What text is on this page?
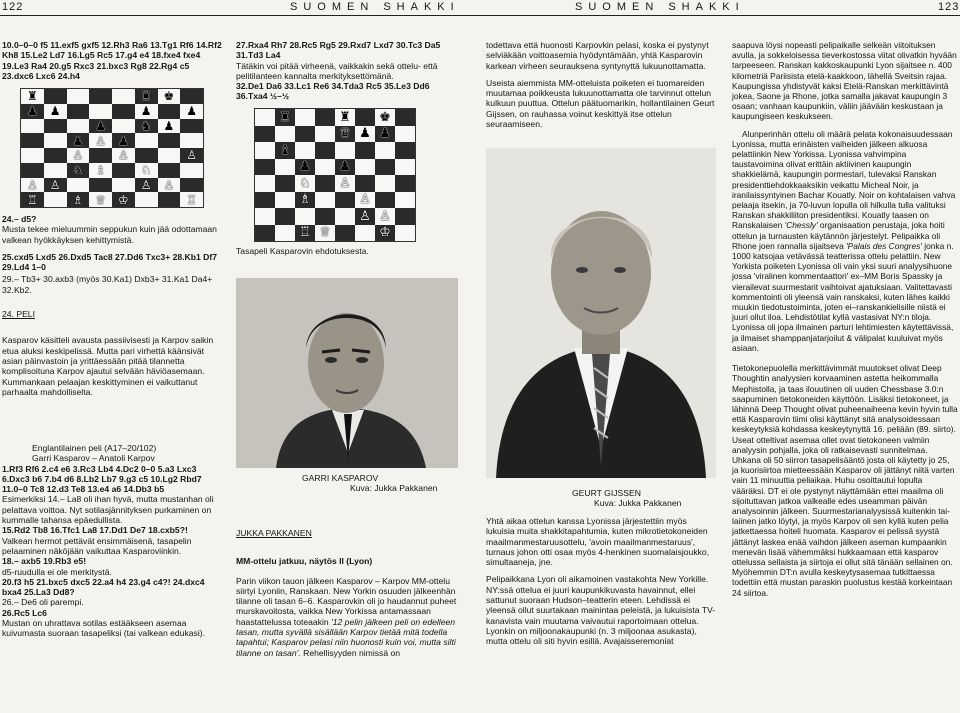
122	SUOMEN SHAKKI	SUOMEN SHAKKI	123

10.0–0–0 f5 11.exf5 gxf5 12.Rh3 Ra6 13.Tg1 Rf6 14.Rf2 Kh8 15.Le2 Ld7 16.Lg5 Rc5 17.g4 e4 18.fxe4 fxe4 19.Le3 Ra4 20.g5 Rxc3 21.bxc3 Rg8 22.Rg4 c5 23.dxc6 Lxc6 24.h4

♜	♜ ♚
♟ ♟	♟	♟
♟	♞ ♟
♟ ♙ ♟
♙	♙	♙
♘ ♗	♘
♙ ♙	♙ ♙
♖	♗ ♕ ♔	♖

24.– d5?

Musta tekee mieluummin seppukun kuin jää odottamaan valkean hyökkäyksen kehittymistä.

25.cxd5 Lxd5 26.Dxd5 Tac8 27.Dd6 Txc3+ 28.Kb1 Df7 29.Ld4 1–0

29.– Tb3+ 30.axb3 (myös 30.Ka1) Dxb3+ 31.Ka1 Da4+ 32.Kb2.

24. PELI

Kasparov käsitteli avausta passiivisesti ja Karpov saikin etua aluksi keskipelissä. Mutta pari virhettä käänsivät asian päinvastoin ja yrittäessään pitää tilannetta komplisoituna Karpov ajautui selvään häviöasemaan. Kummankaan pelaajan keskittyminen ei vaikuttanut parhaalta mahdolliselta.

Englantilainen peli (A17–20/102)

Garri Kasparov – Anatoli Karpov

1.Rf3 Rf6 2.c4 e6 3.Rc3 Lb4 4.Dc2 0–0 5.a3 Lxc3 6.Dxc3 b6 7.b4 d6 8.Lb2 Lb7 9.g3 c5 10.Lg2 Rbd7 11.0–0 Tc8 12.d3 Te8 13.e4 a6 14.Db3 b5

Esimerkiksi 14.– La8 oli ihan hyvä, mutta mustanhan oli pelattava voittoa. Nyt sotilasjännityksen purkaminen on kummalle tahansa epäedullista.

15.Rd2 Tb8 16.Tfc1 La8 17.Dd1 De7 18.cxb5?!

Valkean hermot pettävät ensimmäisenä, tasapelin pelaaminen näköjään vaikuttaa Kasparoviinkin.

18.– axb5 19.Rb3 e5!

d5-ruudulla ei ole merkitystä.

20.f3 h5 21.bxc5 dxc5 22.a4 h4 23.g4 c4?! 24.dxc4 bxa4 25.La3 Dd8?

26.– De6 oli parempi.

26.Rc5 Lc6

Mustan on uhrattava sotilas estääkseen asemaa kuivumasta suoraan tasapeliksi (tai valkean edukasi).

27.Rxa4 Rh7 28.Rc5 Rg5 29.Rxd7 Lxd7 30.Tc3 Da5 31.Td3 La4

Tätäkin voi pitää virheenä, vaikkakin sekä ottelu- että pelitilanteen kannalta merkityksettömänä.

32.De1 Da6 33.Lc1 Re6 34.Tda3 Rc5 35.Le3 Dd6 36.Txa4 ½–½

♜	♜ ♚
♛ ♟ ♟
♝
♟ ♟
♘ ♙
♗	♙
♙ ♙
♖ ♕	♔
Tasapeli Kasparovin ehdotuksesta.
GARRI KASPAROV
Kuva: Jukka Pakkanen

JUKKA PAKKANEN

MM-ottelu jatkuu, näytös II (Lyon)

Parin viikon tauon jälkeen Kasparov – Karpov MM-ottelu siirtyi Lyoniin, Ranskaan. New Yorkin osuuden jälkeenhän tilanne oli tasan 6–6. Kasparovkin oli jo haudannut puheet murskavoitosta, vaikka New Yorkissa antamassaan haastattelussa toteaakin '12 pelin jälkeen peli on edelleen tasan, mutta syvällä sisällään Karpov tietää mitä todella tapahtui; Kasparov pelasi niin huonosti kuin voi, mutta silti tilanne on tasan'. Rehellisyyden nimissä on

todettava että huonosti Karpovkin pelasi, koska ei pystynyt selviäkään voittoasemia hyödyntämään, yhtä Kasparovin karkean virheen seurauksena syntynyttä lukuunottamatta.

Useista aiemmista MM-otteluista poiketen ei tuomareiden muutamaa poikkeusta lukuunottamatta ole tarvinnut ottelun kulkuun puuttua. Ottelun päätuomarikin, hollantilainen Geurt Gijssen, on rauhassa voinut keskittyä itse ottelun seuraamiseen.

GEURT GIJSSEN
Kuva: Jukka Pakkanen

Yhtä aikaa ottelun kanssa Lyonissa järjestettiin myös lukuisia muita shakkitapahtumia, kuten mikrotietokoneiden maailmanmestaruusottelu, 'avoin maailmanmestaruus', turnaus johon otti osaa myös 4-henkinen suomalaisjoukko, simultaaneja, jne.

Pelipaikkana Lyon oli aikamoinen vastakohta New Yorkille. NY:ssä ottelua ei juuri kaupunkikuvasta havainnut, ellei sattunut suoraan Hudson–teatterin eteen. Lehdissä ei yleensä ollut suurtakaan mainintaa peleistä, ja lukuisista TV-kanavista vain muutama vaivautui raportoimaan ottelua. Lyonkin on miljoonakaupunki (n. 3 miljoonaa asukasta), mutta ottelu oli siti hyvin esillä. Avajaisseremoniat

saapuva löysi nopeasti pelipaikalle selkeän viitoituksen avulla, ja sokkeloisessa tieverkostossa viitat olivatkin hyvään tarpeeseen. Ranskan kakkoskaupunki Lyon sijaitsee n. 400 kilometriä Pariisista etelä-kaakkoon, lähellä Sveitsin rajaa. Kaupungissa yhdistyvät kaksi Etelä-Ranskan merkittävintä jokea, Saone ja Rhone, jotka samalla jakavat kaupungin 3 osaan; vanhaan kaupunkiin, väliin jäävään keskustaan ja kaupungiseen keskukseen.

Alunperinhän ottelu oli määrä pelata kokonaisuudessaan Lyonissa, mutta erinäisten vaiheiden jälkeen alkuosa pelattiinkin New Yorkissa. Lyonissa vahvimpina taustavoimina olivat erittäin aktiivinen kaupungin shakkielämä, kaupungin pormestari, tulevaksi Ranskan presidenttiehdokkaaksikin veikattu Micheal Noir, ja iranilaissyntyinen Bachar Kouatly. Noir on kohtalaisen vahva pelaaja itsekin, ja 70-luvun lopulla oli hilkulla tulla valituksi Ranskan shakkiliiton presidentiksi. Kouatly taasen on Ranskalaisen 'Chessly' organisaation perustaja, joka hoiti ottelun ja turnausten käytännön järjestelyt. Pelipaikka oli Rhone joen rannalla sijaitseva 'Palais des Congres' jonka n. 1000 katsojaa vetävässä teatterissa ottelu pelattiin. New Yorkista poiketen Lyonissa oli vain yksi suuri analyysihuone jossa 'viralinen kommentaattori' ex–MM Boris Spassky ja vierailevat suurmestarit vaihtoivat ajatuksiaan. Valitettavasti kommentointi oli yleensä vain ranskaksi, kuten lähes kaikki muukin tiedotustoiminta, joten ei–ranskankielisille niistä ei juuri ollut iloa. Lehdistötilat kyllä vastasivat NY:n tiloja. Lyonissa oli jopa ilmainen parturi lehtimiesten käytettävissä, ja ilmaiset shamppanjatarjoilut & välipalat kuuluivat myös asiaan.

Tietokonepuolella merkittävimmät muutokset olivat Deep Thoughtin analyysien korvaaminen astetta heikommalla Mephistolla, ja taas ilouutinen oli uuden Chessbase 3.0:n saapuminen tietokoneiden käyttöön. Lisäksi tietokoneet, ja lähinnä Deep Thought olivat puheenaiheena kevin hyvin tulla että Kasparovin tiimi olisi käyttänyt sitä analysoidessaan keskeytyksiä kohdassa keskeytynyttä 16. peliään (89. siirto). Useat otteltivat asemaa ollet ovat tietokoneen valmiin analyysin pohjalla, joka oli ratkaisevasti sunnitelmaa. Uhkana oli 50 siirron tasapelisääntö josta oli käytetty jo 25, ja kuorisiirtoa mietteessään Kasparov oli jättänyt niitä varten vain 11 minuuttia peliaikaa. Huhu osoittautui lopulta vääräksi. DT ei ole pystynyt näyttämään ettei maailma oli sijoituttavan jatkoa valkealle edes useamman päivän analysoinnin jälkeen. Suurmestarianalyysissä kuitenkin tailaiinen jatko löytyi, ja myös Karpov oli sen kyllä kuten pelia jatkettaessa hoiteli huomata. Kasparov ei pelissä syystä jättänyt laskea enää vaihdon jälkeen aseman kumpaankin menevän lisää vähemmäksi hukkaamaan että kasparov ottelussa sellaista ja siirtoja ei ollut sitä tänään sellainen on. Myöhemmin DT:n avulla keskeytysasemaa tutkittaessa todettiin että mustan paraskin puolustus kestää korkeintaan 24 siirtoa.
